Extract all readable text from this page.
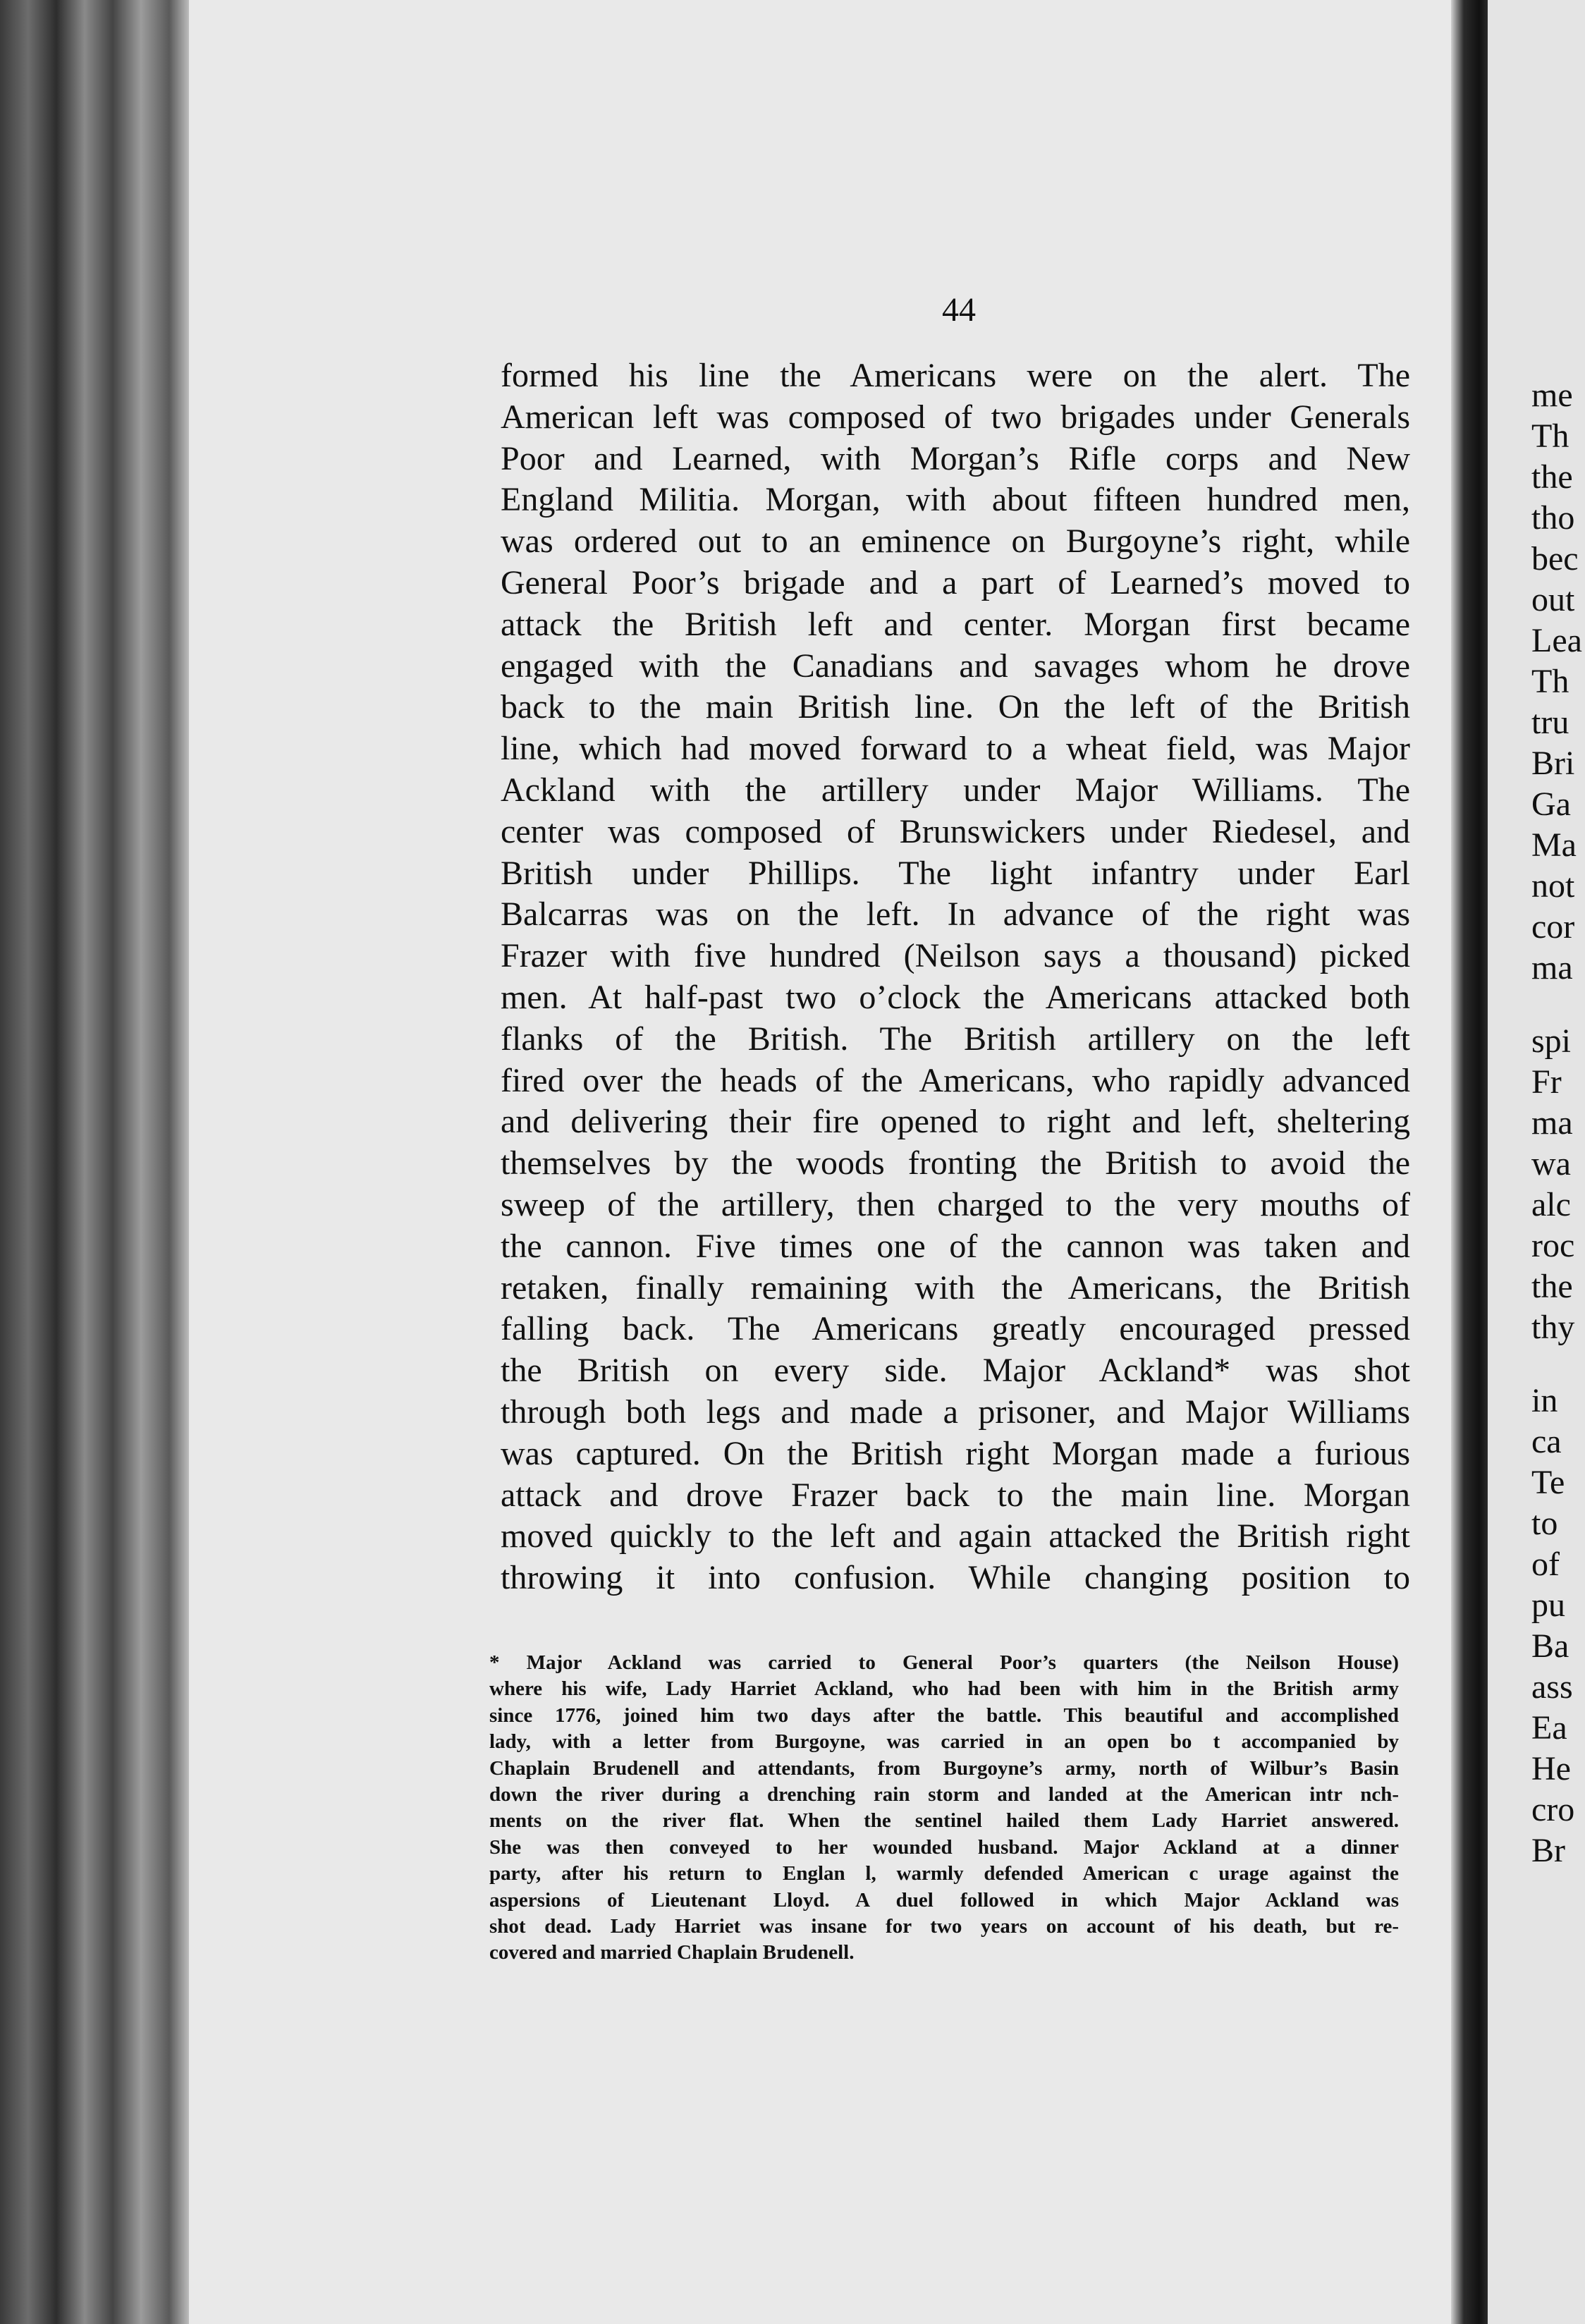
44
formed his line the Americans were on the alert. The
American left was composed of two brigades under Generals
Poor and Learned, with Morgan’s Rifle corps and New
England Militia. Morgan, with about fifteen hundred men,
was ordered out to an eminence on Burgoyne’s right, while
General Poor’s brigade and a part of Learned’s moved to
attack the British left and center. Morgan first became
engaged with the Canadians and savages whom he drove
back to the main British line. On the left of the British
line, which had moved forward to a wheat field, was Major
Ackland with the artillery under Major Williams. The
center was composed of Brunswickers under Riedesel, and
British under Phillips. The light infantry under Earl
Balcarras was on the left. In advance of the right was
Frazer with five hundred (Neilson says a thousand) picked
men. At half-past two o’clock the Americans attacked both
flanks of the British. The British artillery on the left
fired over the heads of the Americans, who rapidly advanced
and delivering their fire opened to right and left, sheltering
themselves by the woods fronting the British to avoid the
sweep of the artillery, then charged to the very mouths of
the cannon. Five times one of the cannon was taken and
retaken, finally remaining with the Americans, the British
falling back. The Americans greatly encouraged pressed
the British on every side. Major Ackland* was shot
through both legs and made a prisoner, and Major Williams
was captured. On the British right Morgan made a furious
attack and drove Frazer back to the main line. Morgan
moved quickly to the left and again attacked the British right
throwing it into confusion. While changing position to
* Major Ackland was carried to General Poor’s quarters (the Neilson House)
where his wife, Lady Harriet Ackland, who had been with him in the British army
since 1776, joined him two days after the battle. This beautiful and accomplished
lady, with a letter from Burgoyne, was carried in an open bo t accompanied by
Chaplain Brudenell and attendants, from Burgoyne’s army, north of Wilbur’s Basin
down the river during a drenching rain storm and landed at the American intr nch-
ments on the river flat. When the sentinel hailed them Lady Harriet answered.
She was then conveyed to her wounded husband. Major Ackland at a dinner
party, after his return to Englan l, warmly defended American c urage against the
aspersions of Lieutenant Lloyd. A duel followed in which Major Ackland was
shot dead. Lady Harriet was insane for two years on account of his death, but re-
covered and married Chaplain Brudenell.
me
Th
the
tho
bec
out
Lea
Th
tru
Bri
Ga
Ma
not
cor
ma
spi
Fr
ma
wa
alc
roc
the
thy
in
ca
Te
to
of
pu
Ba
ass
Ea
He
cro
Br
